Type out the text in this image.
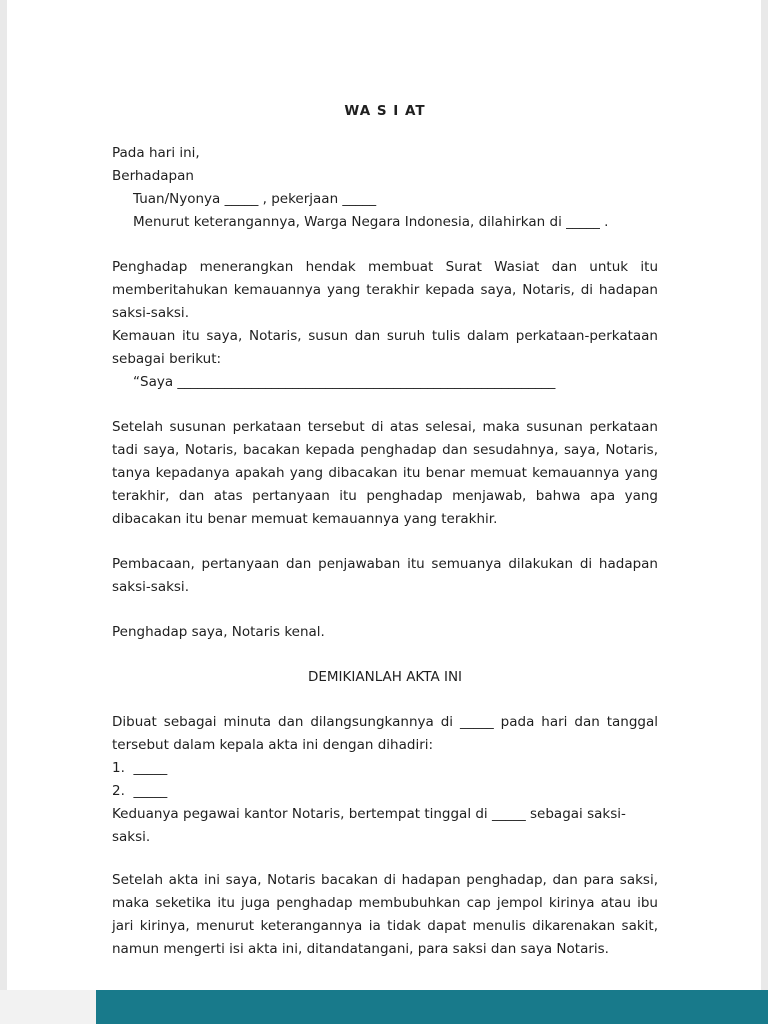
WA S I AT

Pada hari ini,

Berhadapan

Tuan/Nyonya _____ , pekerjaan _____

Menurut keterangannya, Warga Negara Indonesia, dilahirkan di _____ .

Penghadap menerangkan hendak membuat Surat Wasiat dan untuk itu memberitahukan kemauannya yang terakhir kepada saya, Notaris, di hadapan saksi-saksi.

Kemauan itu saya, Notaris, susun dan suruh tulis dalam perkataan-perkataan sebagai berikut:

“Saya ________________________________________________________

Setelah susunan perkataan tersebut di atas selesai, maka susunan perkataan tadi saya, Notaris, bacakan kepada penghadap dan sesudahnya, saya, Notaris, tanya kepadanya apakah yang dibacakan itu benar memuat kemauannya yang terakhir, dan atas pertanyaan itu penghadap menjawab, bahwa apa yang dibacakan itu benar memuat kemauannya yang terakhir.

Pembacaan, pertanyaan dan penjawaban itu semuanya dilakukan di hadapan saksi-saksi.

Penghadap saya, Notaris kenal.

DEMIKIANLAH AKTA INI

Dibuat sebagai minuta dan dilangsungkannya di _____ pada hari dan tanggal tersebut dalam kepala akta ini dengan dihadiri:

1.  _____

2.  _____

Keduanya pegawai kantor Notaris, bertempat tinggal di _____ sebagai saksi-saksi.

Setelah akta ini saya, Notaris bacakan di hadapan penghadap, dan para saksi, maka seketika itu juga penghadap membubuhkan cap jempol kirinya atau ibu jari kirinya, menurut keterangannya ia tidak dapat menulis dikarenakan sakit, namun mengerti isi akta ini, ditandatangani, para saksi dan saya Notaris.
